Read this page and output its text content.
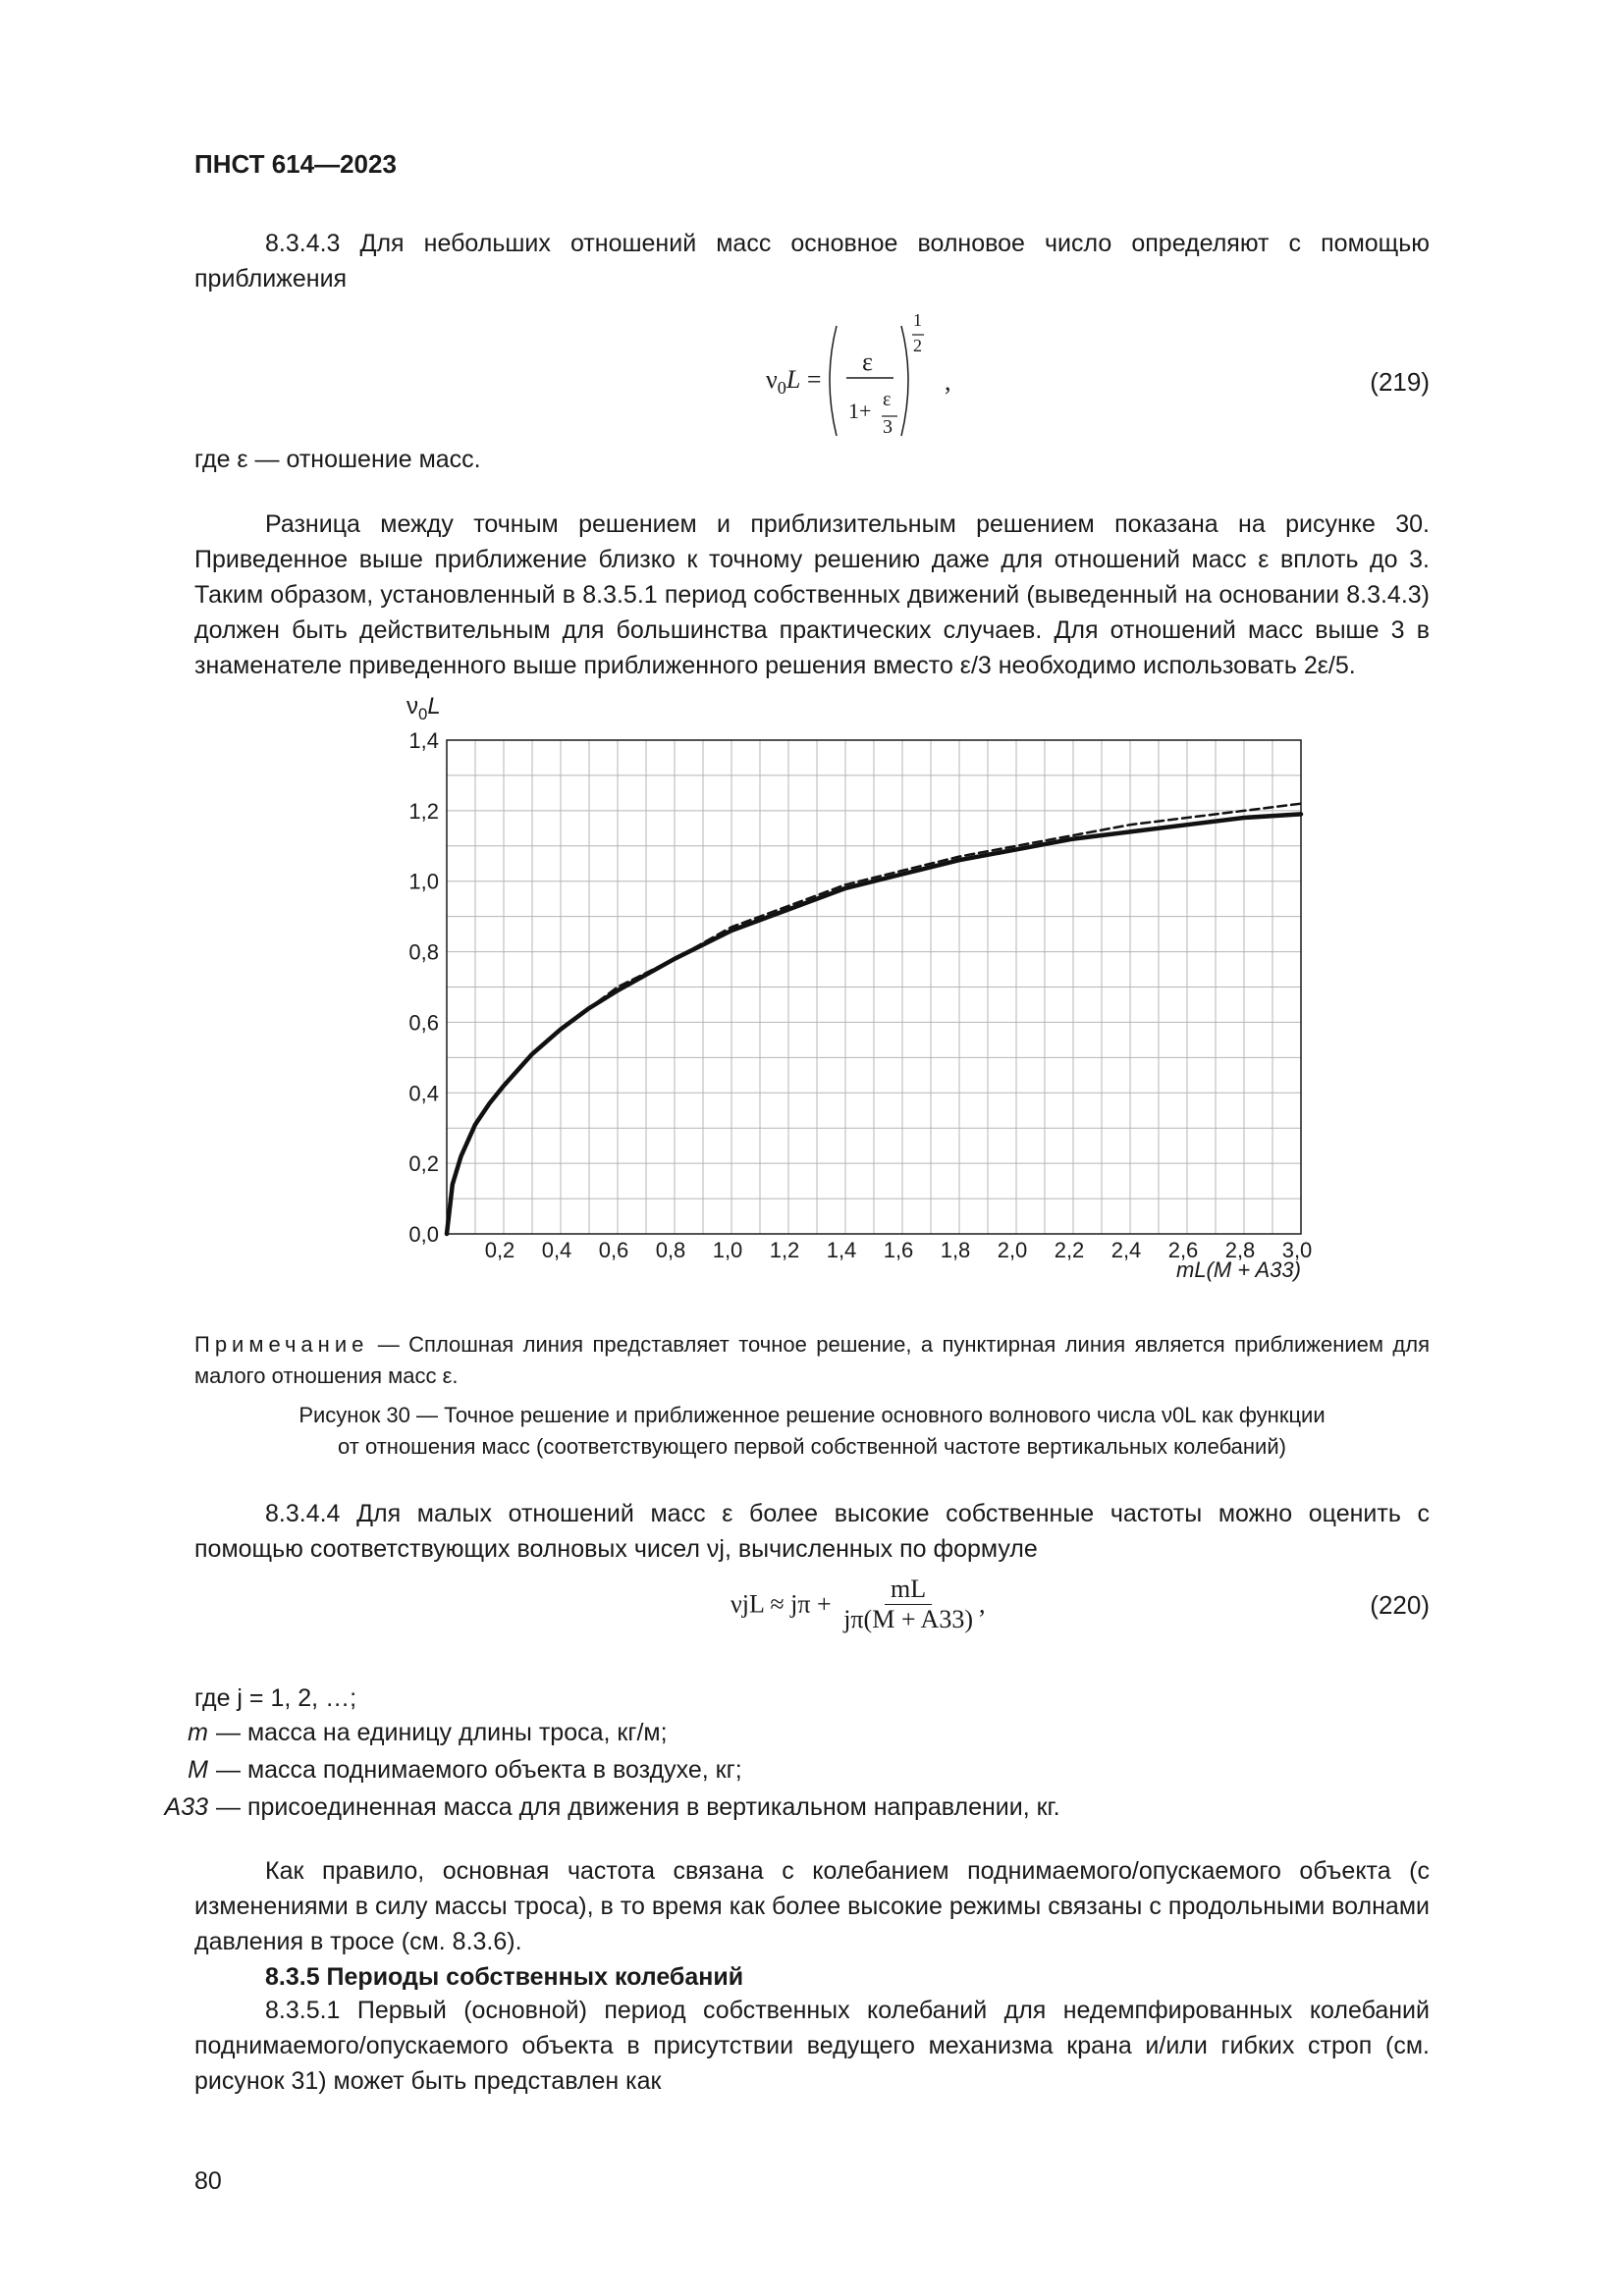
ПНСТ 614—2023
8.3.4.3 Для небольших отношений масс основное волновое число определяют с помощью приближения
$\nu_0L$ =
ε
1+ ε
3
1
2
,	(219)
где ε — отношение масс.
Разница между точным решением и приблизительным решением показана на рисунке 30. Приведенное выше приближение близко к точному решению даже для отношений масс ε вплоть до 3. Таким образом, установленный в 8.3.5.1 период собственных движений (выведенный на основании 8.3.4.3) должен быть действительным для большинства практических случаев. Для отношений масс выше 3 в знаменателе приведенного выше приближенного решения вместо ε/3 необходимо использовать 2ε/5.
0,0
0,2
0,4
0,6
0,8
1,0
1,2
1,4
0,2 0,4 0,6 0,8 1,0 1,2 1,4 1,6 1,8 2,0 2,2 2,4 2,6 2,8 3,0
$\nu_0L$
mL(M + A33)
Примечание — Сплошная линия представляет точное решение, а пунктирная линия является приближением для малого отношения масс ε.
Рисунок 30 — Точное решение и приближенное решение основного волнового числа ν0L как функции
от отношения масс (соответствующего первой собственной частоте вертикальных колебаний)
8.3.4.4 Для малых отношений масс ε более высокие собственные частоты можно оценить с помощью соответствующих волновых чисел νj, вычисленных по формуле
$\nu jL \approx j\pi + \frac{mL}{j\pi(M + A33)}$ ,	(220)
где j = 1, 2, …;
m — масса на единицу длины троса, кг/м;
M — масса поднимаемого объекта в воздухе, кг;
A33 — присоединенная масса для движения в вертикальном направлении, кг.
Как правило, основная частота связана с колебанием поднимаемого/опускаемого объекта (с изменениями в силу массы троса), в то время как более высокие режимы связаны с продольными волнами давления в тросе (см. 8.3.6).
8.3.5 Периоды собственных колебаний
8.3.5.1 Первый (основной) период собственных колебаний для недемпфированных колебаний поднимаемого/опускаемого объекта в присутствии ведущего механизма крана и/или гибких строп (см. рисунок 31) может быть представлен как
80
